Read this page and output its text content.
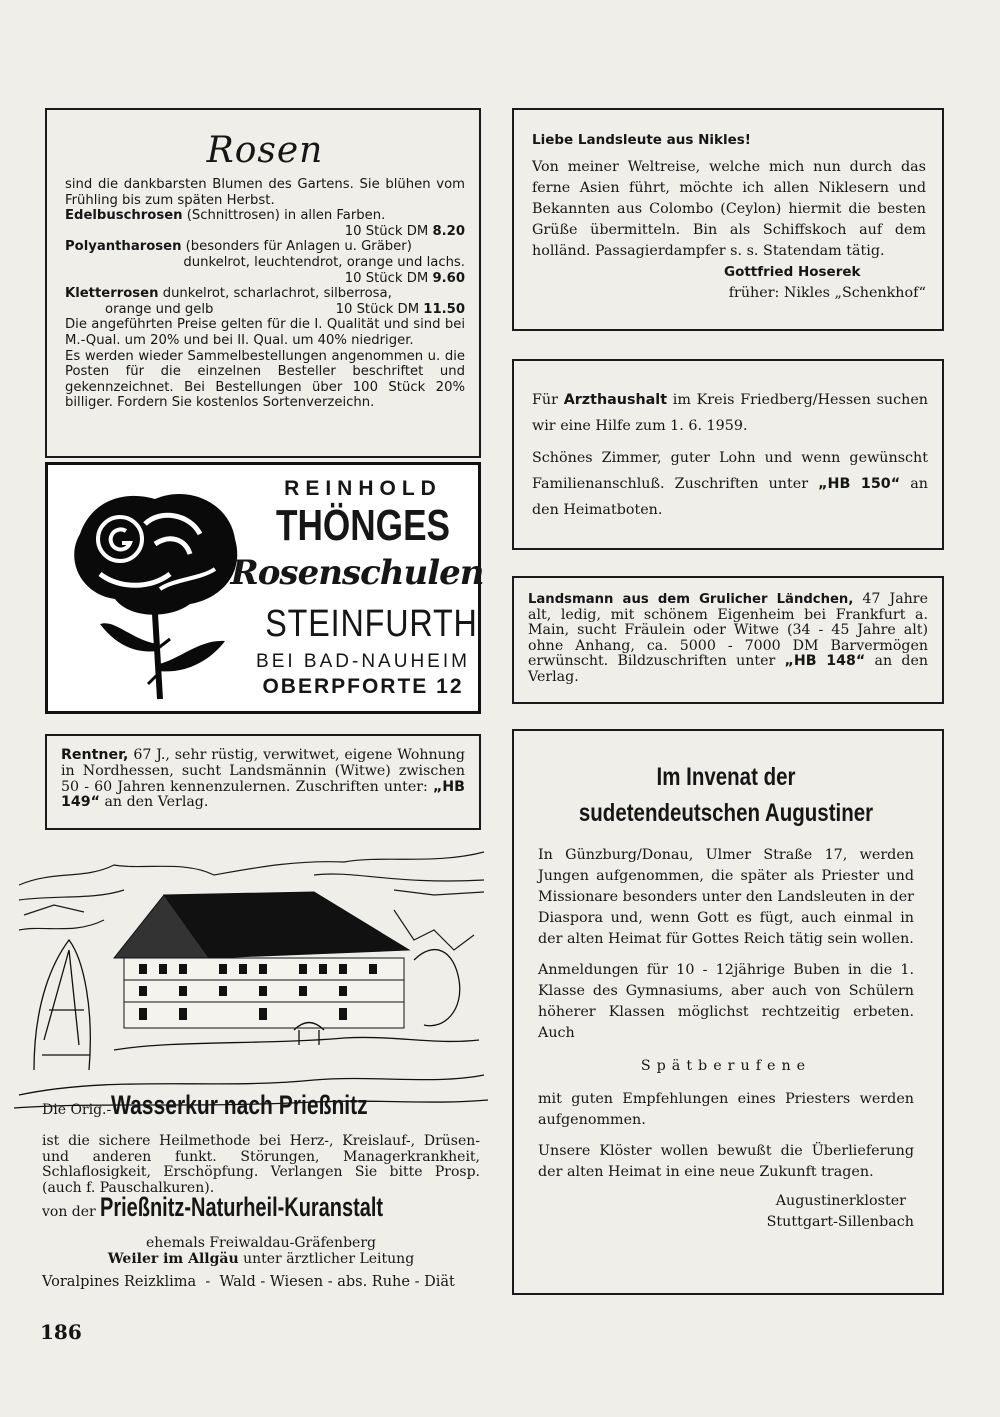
Rosen

sind die dankbarsten Blumen des Gartens. Sie blühen vom Frühling bis zum späten Herbst.

Edelbuschrosen (Schnittrosen) in allen Farben.

10 Stück DM 8.20

Polyantharosen (besonders für Anlagen u. Gräber)

dunkelrot, leuchtendrot, orange und lachs.

10 Stück DM 9.60

Kletterrosen dunkelrot, scharlachrot, silberrosa,

orange und gelb	10 Stück DM 11.50

Die angeführten Preise gelten für die I. Qualität und sind bei M.-Qual. um 20% und bei II. Qual. um 40% niedriger.

Es werden wieder Sammelbestellungen angenommen u. die Posten für die einzelnen Besteller beschriftet und gekennzeichnet. Bei Bestellungen über 100 Stück 20% billiger. Fordern Sie kostenlos Sortenverzeichn.

REINHOLD
THÖNGES
Rosenschulen
STEINFURTH
BEI BAD-NAUHEIM
OBERPFORTE 12

Rentner, 67 J., sehr rüstig, verwitwet, eigene Wohnung in Nordhessen, sucht Landsmännin (Witwe) zwischen 50 - 60 Jahren kennenzulernen. Zuschriften unter: „HB 149“ an den Verlag.

Die Orig.-Wasserkur nach Prießnitz

ist die sichere Heilmethode bei Herz-, Kreislauf-, Drüsen- und anderen funkt. Störungen, Managerkrankheit, Schlaflosigkeit, Erschöpfung. Verlangen Sie bitte Prosp. (auch f. Pauschalkuren).

von der Prießnitz-Naturheil-Kuranstalt

ehemals Freiwaldau-Gräfenberg

Weiler im Allgäu unter ärztlicher Leitung

Voralpines Reizklima  -  Wald - Wiesen - abs. Ruhe - Diät

Liebe Landsleute aus Nikles!

Von meiner Weltreise, welche mich nun durch das ferne Asien führt, möchte ich allen Niklesern und Bekannten aus Colombo (Ceylon) hiermit die besten Grüße übermitteln. Bin als Schiffskoch auf dem holländ. Passagierdampfer s. s. Statendam tätig.

Gottfried Hoserek

früher: Nikles „Schenkhof“

Für Arzthaushalt im Kreis Friedberg/Hessen suchen wir eine Hilfe zum 1. 6. 1959.

Schönes Zimmer, guter Lohn und wenn gewünscht Familienanschluß. Zuschriften unter „HB 150“ an den Heimatboten.

Landsmann aus dem Grulicher Ländchen, 47 Jahre alt, ledig, mit schönem Eigenheim bei Frankfurt a. Main, sucht Fräulein oder Witwe (34 - 45 Jahre alt) ohne Anhang, ca. 5000 - 7000 DM Barvermögen erwünscht. Bildzuschriften unter „HB 148“ an den Verlag.

Im Invenat der
sudetendeutschen Augustiner

In Günzburg/Donau, Ulmer Straße 17, werden Jungen aufgenommen, die später als Priester und Missionare besonders unter den Landsleuten in der Diaspora und, wenn Gott es fügt, auch einmal in der alten Heimat für Gottes Reich tätig sein wollen.

Anmeldungen für 10 - 12jährige Buben in die 1. Klasse des Gymnasiums, aber auch von Schülern höherer Klassen möglichst rechtzeitig erbeten. Auch

Spätberufene

mit guten Empfehlungen eines Priesters werden aufgenommen.

Unsere Klöster wollen bewußt die Überlieferung der alten Heimat in eine neue Zukunft tragen.

Augustinerkloster

Stuttgart-Sillenbach

186
